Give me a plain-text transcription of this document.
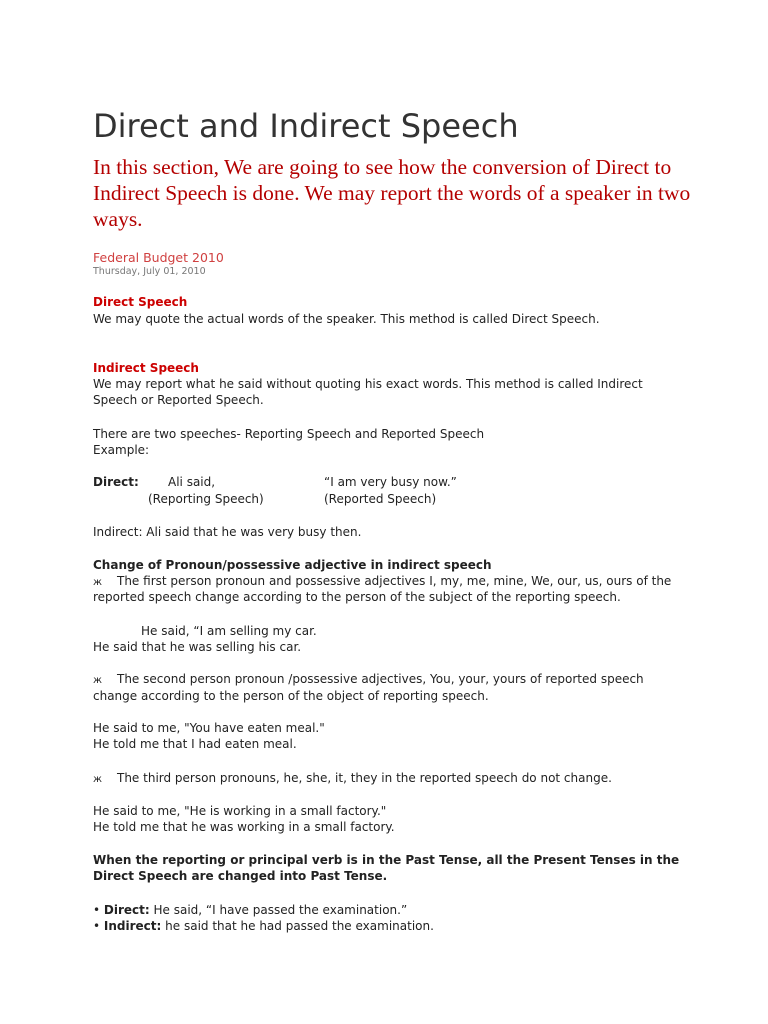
Direct and Indirect Speech

In this section, We are going to see how the conversion of Direct to Indirect Speech is done. We may report the words of a speaker in two ways.

Federal Budget 2010
Thursday, July 01, 2010
Direct Speech
We may quote the actual words of the speaker. This method is called Direct Speech.
Indirect Speech
We may report what he said without quoting his exact words. This method is called Indirect
Speech or Reported Speech.
There are two speeches- Reporting Speech and Reported Speech
Example:
Direct: Ali said,	“I am very busy now.”
(Reporting Speech)	(Reported Speech)
Indirect: Ali said that he was very busy then.
Change of Pronoun/possessive adjective in indirect speech
ж The first person pronoun and possessive adjectives I, my, me, mine, We, our, us, ours of the
reported speech change according to the person of the subject of the reporting speech.
He said, “I am selling my car.
He said that he was selling his car.
ж The second person pronoun /possessive adjectives, You, your, yours of reported speech
change according to the person of the object of reporting speech.
He said to me, "You have eaten meal."
He told me that I had eaten meal.
ж The third person pronouns, he, she, it, they in the reported speech do not change.
He said to me, "He is working in a small factory."
He told me that he was working in a small factory.
When the reporting or principal verb is in the Past Tense, all the Present Tenses in the
Direct Speech are changed into Past Tense.
• Direct: He said, “I have passed the examination.”
• Indirect: he said that he had passed the examination.
